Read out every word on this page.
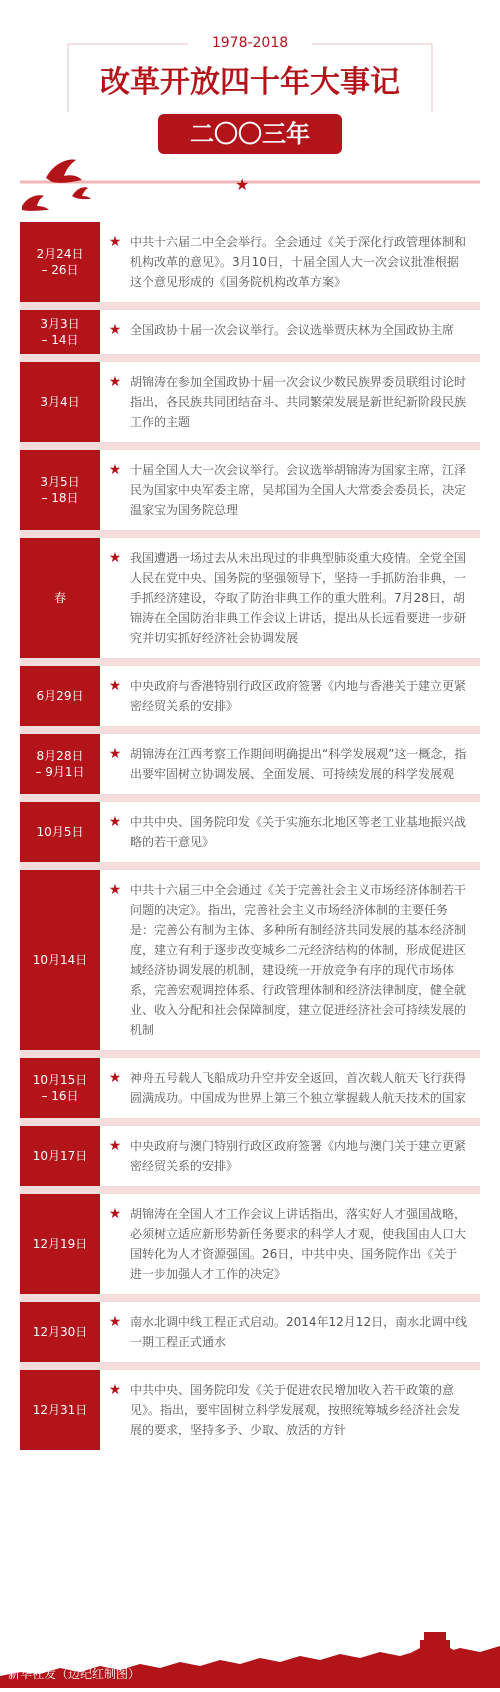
1978-2018
改革开放四十年大事记
二〇〇三年
★
2月24日
– 26日
★ 中共十六届二中全会举行。全会通过《关于深化行政管理体制和机构改革的意见》。3月10日，十届全国人大一次会议批准根据这个意见形成的《国务院机构改革方案》
3月3日
– 14日
★ 全国政协十届一次会议举行。会议选举贾庆林为全国政协主席
3月4日
★ 胡锦涛在参加全国政协十届一次会议少数民族界委员联组讨论时指出，各民族共同团结奋斗、共同繁荣发展是新世纪新阶段民族工作的主题
3月5日
– 18日
★ 十届全国人大一次会议举行。会议选举胡锦涛为国家主席，江泽民为国家中央军委主席，吴邦国为全国人大常委会委员长，决定温家宝为国务院总理
春
★ 我国遭遇一场过去从未出现过的非典型肺炎重大疫情。全党全国人民在党中央、国务院的坚强领导下，坚持一手抓防治非典，一手抓经济建设，夺取了防治非典工作的重大胜利。7月28日，胡锦涛在全国防治非典工作会议上讲话，提出从长远看要进一步研究并切实抓好经济社会协调发展
6月29日
★ 中央政府与香港特别行政区政府签署《内地与香港关于建立更紧密经贸关系的安排》
8月28日
– 9月1日
★ 胡锦涛在江西考察工作期间明确提出“科学发展观”这一概念，指出要牢固树立协调发展、全面发展、可持续发展的科学发展观
10月5日
★ 中共中央、国务院印发《关于实施东北地区等老工业基地振兴战略的若干意见》
10月14日
★ 中共十六届三中全会通过《关于完善社会主义市场经济体制若干问题的决定》。指出，完善社会主义市场经济体制的主要任务是：完善公有制为主体、多种所有制经济共同发展的基本经济制度，建立有利于逐步改变城乡二元经济结构的体制，形成促进区域经济协调发展的机制，建设统一开放竞争有序的现代市场体系，完善宏观调控体系、行政管理体制和经济法律制度，健全就业、收入分配和社会保障制度，建立促进经济社会可持续发展的机制
10月15日
– 16日
★ 神舟五号载人飞船成功升空并安全返回，首次载人航天飞行获得圆满成功。中国成为世界上第三个独立掌握载人航天技术的国家
10月17日
★ 中央政府与澳门特别行政区政府签署《内地与澳门关于建立更紧密经贸关系的安排》
12月19日
★ 胡锦涛在全国人才工作会议上讲话指出，落实好人才强国战略，必须树立适应新形势新任务要求的科学人才观，使我国由人口大国转化为人才资源强国。26日，中共中央、国务院作出《关于进一步加强人才工作的决定》
12月30日
★ 南水北调中线工程正式启动。2014年12月12日，南水北调中线一期工程正式通水
12月31日
★ 中共中央、国务院印发《关于促进农民增加收入若干政策的意见》。指出，要牢固树立科学发展观，按照统筹城乡经济社会发展的要求，坚持多予、少取、放活的方针
新华社发（边纪红制图）
